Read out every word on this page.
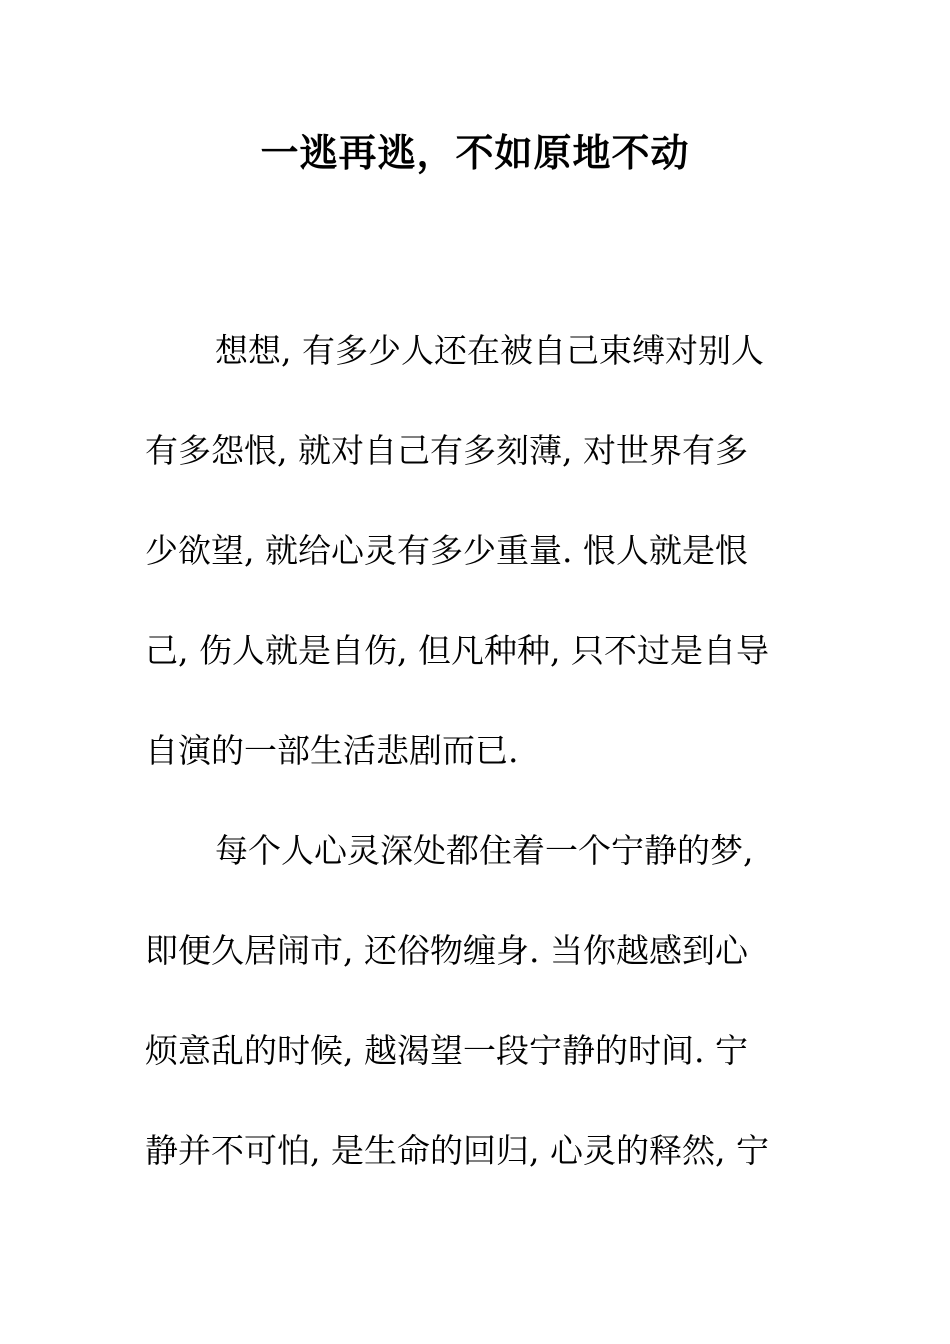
一逃再逃，不如原地不动
想想, 有多少人还在被自己束缚对别人
有多怨恨, 就对自己有多刻薄, 对世界有多
少欲望, 就给心灵有多少重量. 恨人就是恨
己, 伤人就是自伤, 但凡种种, 只不过是自导
自演的一部生活悲剧而已.
每个人心灵深处都住着一个宁静的梦,
即便久居闹市, 还俗物缠身. 当你越感到心
烦意乱的时候, 越渴望一段宁静的时间. 宁
静并不可怕, 是生命的回归, 心灵的释然, 宁
